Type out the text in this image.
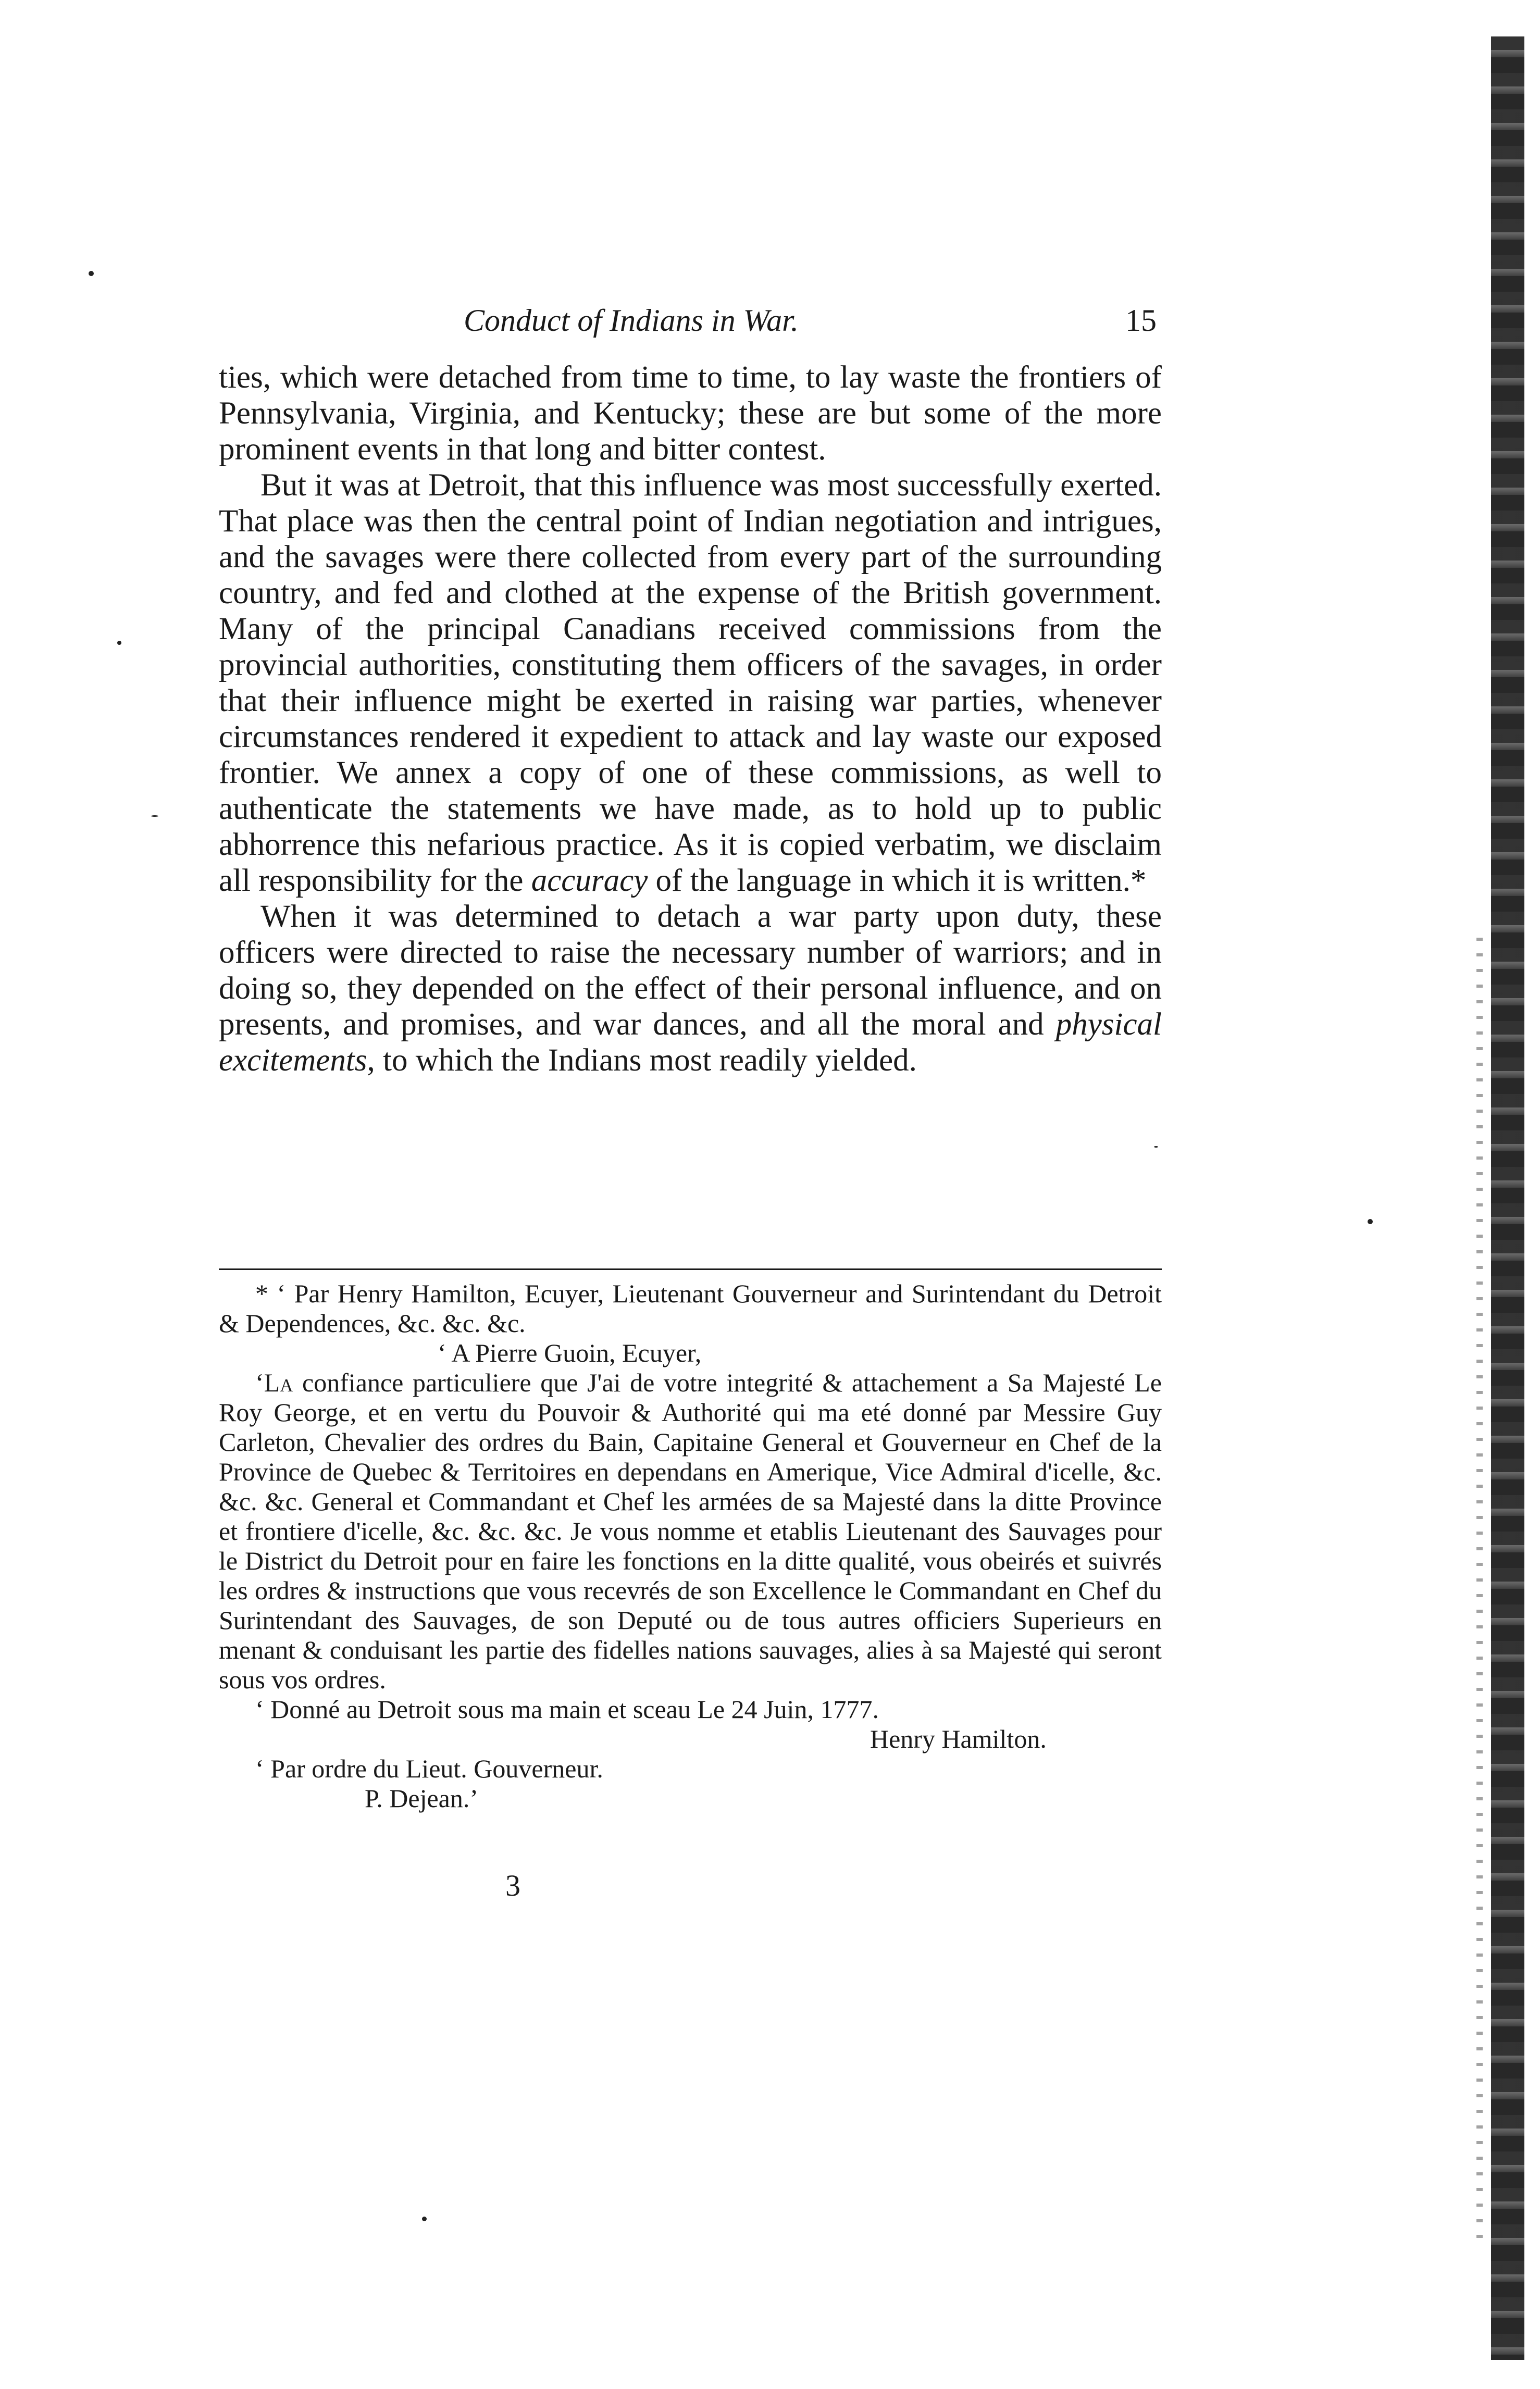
Conduct of Indians in War.	15

ties, which were detached from time to time, to lay waste the frontiers of Pennsylvania, Virginia, and Kentucky; these are but some of the more prominent events in that long and bitter contest.

But it was at Detroit, that this influence was most successfully exerted. That place was then the central point of Indian negotiation and intrigues, and the savages were there collected from every part of the surrounding country, and fed and clothed at the expense of the British government. Many of the principal Canadians received commissions from the provincial authorities, constituting them officers of the savages, in order that their influence might be exerted in raising war parties, whenever circumstances rendered it expedient to attack and lay waste our exposed frontier. We annex a copy of one of these commissions, as well to authenticate the statements we have made, as to hold up to public abhorrence this nefarious practice. As it is copied verbatim, we disclaim all responsibility for the accuracy of the language in which it is written.*

When it was determined to detach a war party upon duty, these officers were directed to raise the necessary number of warriors; and in doing so, they depended on the effect of their personal influence, and on presents, and promises, and war dances, and all the moral and physical excitements, to which the Indians most readily yielded.

* ‘ Par Henry Hamilton, Ecuyer, Lieutenant Gouverneur and Surintendant du Detroit & Dependences, &c. &c. &c.

‘ A Pierre Guoin, Ecuyer,

‘La confiance particuliere que J'ai de votre integrité & attachement a Sa Majesté Le Roy George, et en vertu du Pouvoir & Authorité qui ma eté donné par Messire Guy Carleton, Chevalier des ordres du Bain, Capitaine General et Gouverneur en Chef de la Province de Quebec & Territoires en dependans en Amerique, Vice Admiral d'icelle, &c. &c. &c. General et Commandant et Chef les armées de sa Majesté dans la ditte Province et frontiere d'icelle, &c. &c. &c. Je vous nomme et etablis Lieutenant des Sauvages pour le District du Detroit pour en faire les fonctions en la ditte qualité, vous obeirés et suivrés les ordres & instructions que vous recevrés de son Excellence le Commandant en Chef du Surintendant des Sauvages, de son Deputé ou de tous autres officiers Superieurs en menant & conduisant les partie des fidelles nations sauvages, alies à sa Majesté qui seront sous vos ordres.

‘ Donné au Detroit sous ma main et sceau Le 24 Juin, 1777.

Henry Hamilton.

‘ Par ordre du Lieut. Gouverneur.

P. Dejean.’

3
